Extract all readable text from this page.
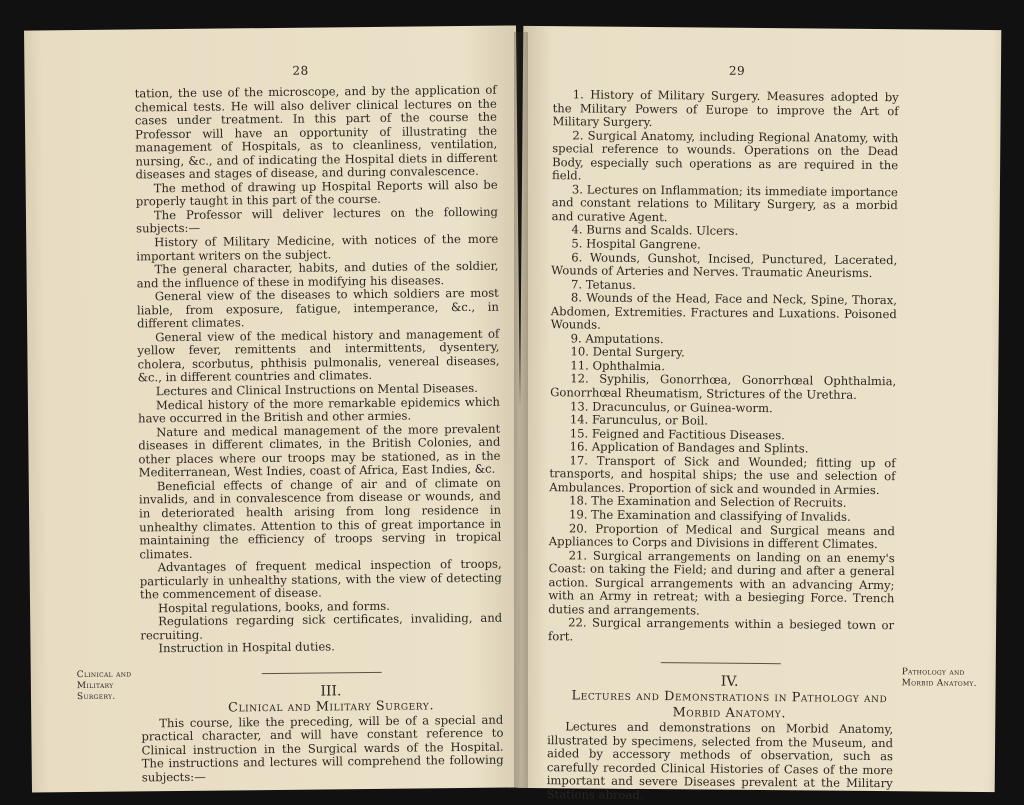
28

tation, the use of the microscope, and by the application of chemical tests. He will also deliver clinical lectures on the cases under treatment. In this part of the course the Professor will have an opportunity of illustrating the management of Hospitals, as to cleanliness, ventilation, nursing, &c., and of indicating the Hospital diets in different diseases and stages of disease, and during convalescence.

The method of drawing up Hospital Reports will also be properly taught in this part of the course.

The Professor will deliver lectures on the following subjects:—

History of Military Medicine, with notices of the more important writers on the subject.

The general character, habits, and duties of the soldier, and the influence of these in modifying his diseases.

General view of the diseases to which soldiers are most liable, from exposure, fatigue, intemperance, &c., in different climates.

General view of the medical history and management of yellow fever, remittents and intermittents, dysentery, cholera, scorbutus, phthisis pulmonalis, venereal diseases, &c., in different countries and climates.

Lectures and Clinical Instructions on Mental Diseases.

Medical history of the more remarkable epidemics which have occurred in the British and other armies.

Nature and medical management of the more prevalent diseases in different climates, in the British Colonies, and other places where our troops may be stationed, as in the Mediterranean, West Indies, coast of Africa, East Indies, &c.

Beneficial effects of change of air and of climate on invalids, and in convalescence from disease or wounds, and in deteriorated health arising from long residence in unhealthy climates. Attention to this of great importance in maintaining the efficiency of troops serving in tropical climates.

Advantages of frequent medical inspection of troops, particularly in unhealthy stations, with the view of detecting the commencement of disease.

Hospital regulations, books, and forms.

Regulations regarding sick certificates, invaliding, and recruiting.

Instruction in Hospital duties.

III.

Clinical and Military Surgery.

This course, like the preceding, will be of a special and practical character, and will have constant reference to Clinical instruction in the Surgical wards of the Hospital. The instructions and lectures will comprehend the following subjects:—

Clinical and Military Surgery.
29

1. History of Military Surgery. Measures adopted by the Military Powers of Europe to improve the Art of Military Surgery.

2. Surgical Anatomy, including Regional Anatomy, with special reference to wounds. Operations on the Dead Body, especially such operations as are required in the field.

3. Lectures on Inflammation; its immediate importance and constant relations to Military Surgery, as a morbid and curative Agent.

4. Burns and Scalds. Ulcers.

5. Hospital Gangrene.

6. Wounds, Gunshot, Incised, Punctured, Lacerated, Wounds of Arteries and Nerves. Traumatic Aneurisms.

7. Tetanus.

8. Wounds of the Head, Face and Neck, Spine, Thorax, Abdomen, Extremities. Fractures and Luxations. Poisoned Wounds.

9. Amputations.

10. Dental Surgery.

11. Ophthalmia.

12. Syphilis, Gonorrhœa, Gonorrhœal Ophthalmia, Gonorrhœal Rheumatism, Strictures of the Urethra.

13. Dracunculus, or Guinea-worm.

14. Farunculus, or Boil.

15. Feigned and Factitious Diseases.

16. Application of Bandages and Splints.

17. Transport of Sick and Wounded; fitting up of transports, and hospital ships; the use and selection of Ambulances. Proportion of sick and wounded in Armies.

18. The Examination and Selection of Recruits.

19. The Examination and classifying of Invalids.

20. Proportion of Medical and Surgical means and Appliances to Corps and Divisions in different Climates.

21. Surgical arrangements on landing on an enemy's Coast: on taking the Field; and during and after a general action. Surgical arrangements with an advancing Army; with an Army in retreat; with a besieging Force. Trench duties and arrangements.

22. Surgical arrangements within a besieged town or fort.

IV.

Lectures and Demonstrations in Pathology and

Morbid Anatomy.

Lectures and demonstrations on Morbid Anatomy, illustrated by specimens, selected from the Museum, and aided by accessory methods of observation, such as carefully recorded Clinical Histories of Cases of the more important and severe Diseases prevalent at the Military Stations abroad.

Pathology and Morbid Anatomy.
